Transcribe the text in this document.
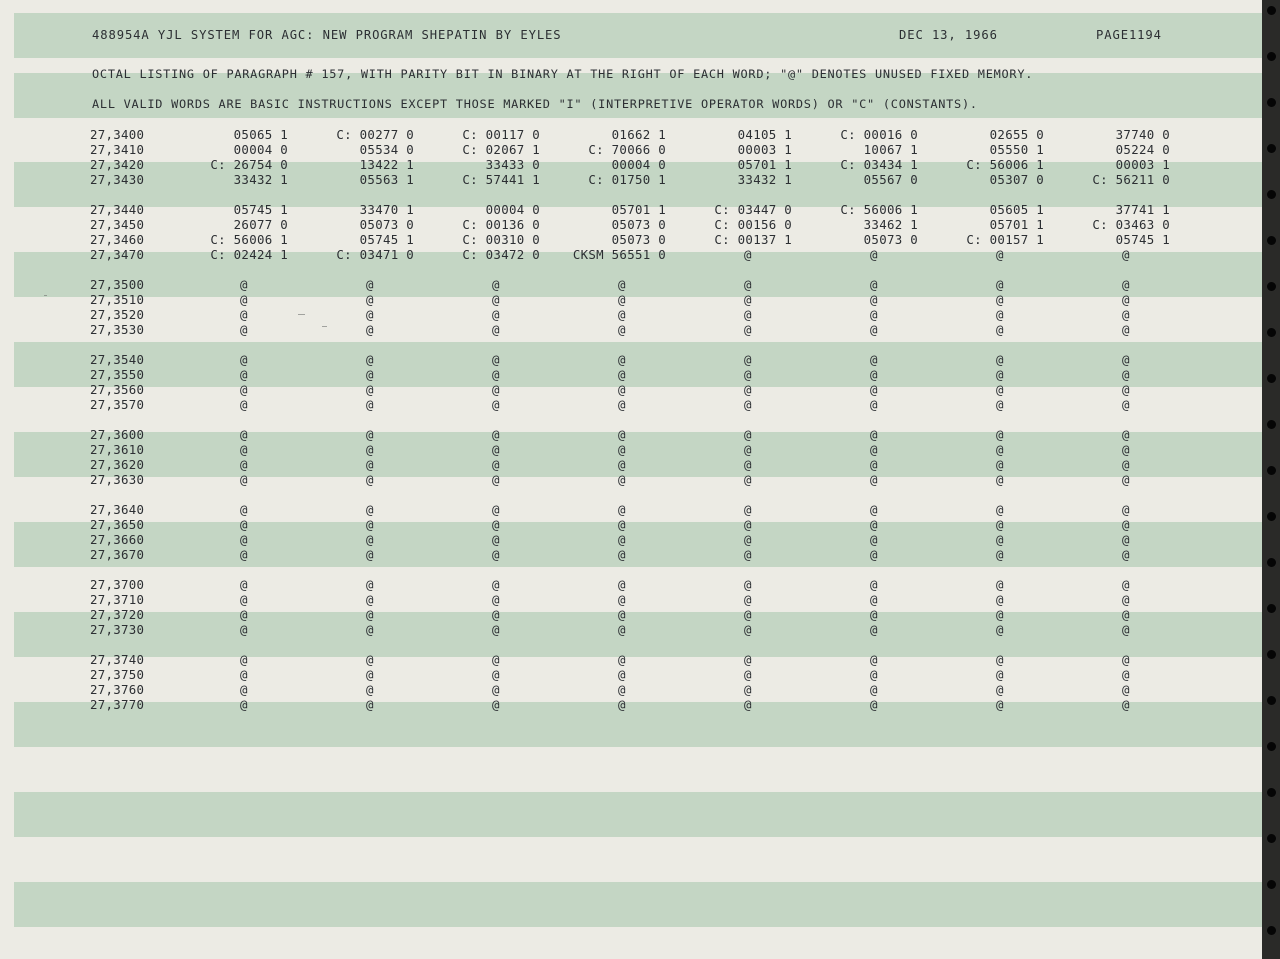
488954A YJL SYSTEM FOR AGC: NEW PROGRAM SHEPATIN BY EYLES	DEC 13, 1966	PAGE1194
OCTAL LISTING OF PARAGRAPH # 157, WITH PARITY BIT IN BINARY AT THE RIGHT OF EACH WORD; "@" DENOTES UNUSED FIXED MEMORY.
ALL VALID WORDS ARE BASIC INSTRUCTIONS EXCEPT THOSE MARKED "I" (INTERPRETIVE OPERATOR WORDS) OR "C" (CONSTANTS).
27,3400	05065 1	C: 00277 0	C: 00117 0	01662 1	04105 1	C: 00016 0	02655 0	37740 0
27,3410	00004 0	05534 0	C: 02067 1	C: 70066 0	00003 1	10067 1	05550 1	05224 0
27,3420	C: 26754 0	13422 1	33433 0	00004 0	05701 1	C: 03434 1	C: 56006 1	00003 1
27,3430	33432 1	05563 1	C: 57441 1	C: 01750 1	33432 1	05567 0	05307 0	C: 56211 0
27,3440	05745 1	33470 1	00004 0	05701 1	C: 03447 0	C: 56006 1	05605 1	37741 1
27,3450	26077 0	05073 0	C: 00136 0	05073 0	C: 00156 0	33462 1	05701 1	C: 03463 0
27,3460	C: 56006 1	05745 1	C: 00310 0	05073 0	C: 00137 1	05073 0	C: 00157 1	05745 1
27,3470	C: 02424 1	C: 03471 0	C: 03472 0	CKSM 56551 0	@	@	@	@
27,3500	@	@	@	@	@	@	@	@
27,3510	@	@	@	@	@	@	@	@
27,3520	@	@	@	@	@	@	@	@
27,3530	@	@	@	@	@	@	@	@
27,3540	@	@	@	@	@	@	@	@
27,3550	@	@	@	@	@	@	@	@
27,3560	@	@	@	@	@	@	@	@
27,3570	@	@	@	@	@	@	@	@
27,3600	@	@	@	@	@	@	@	@
27,3610	@	@	@	@	@	@	@	@
27,3620	@	@	@	@	@	@	@	@
27,3630	@	@	@	@	@	@	@	@
27,3640	@	@	@	@	@	@	@	@
27,3650	@	@	@	@	@	@	@	@
27,3660	@	@	@	@	@	@	@	@
27,3670	@	@	@	@	@	@	@	@
27,3700	@	@	@	@	@	@	@	@
27,3710	@	@	@	@	@	@	@	@
27,3720	@	@	@	@	@	@	@	@
27,3730	@	@	@	@	@	@	@	@
27,3740	@	@	@	@	@	@	@	@
27,3750	@	@	@	@	@	@	@	@
27,3760	@	@	@	@	@	@	@	@
27,3770	@	@	@	@	@	@	@	@
